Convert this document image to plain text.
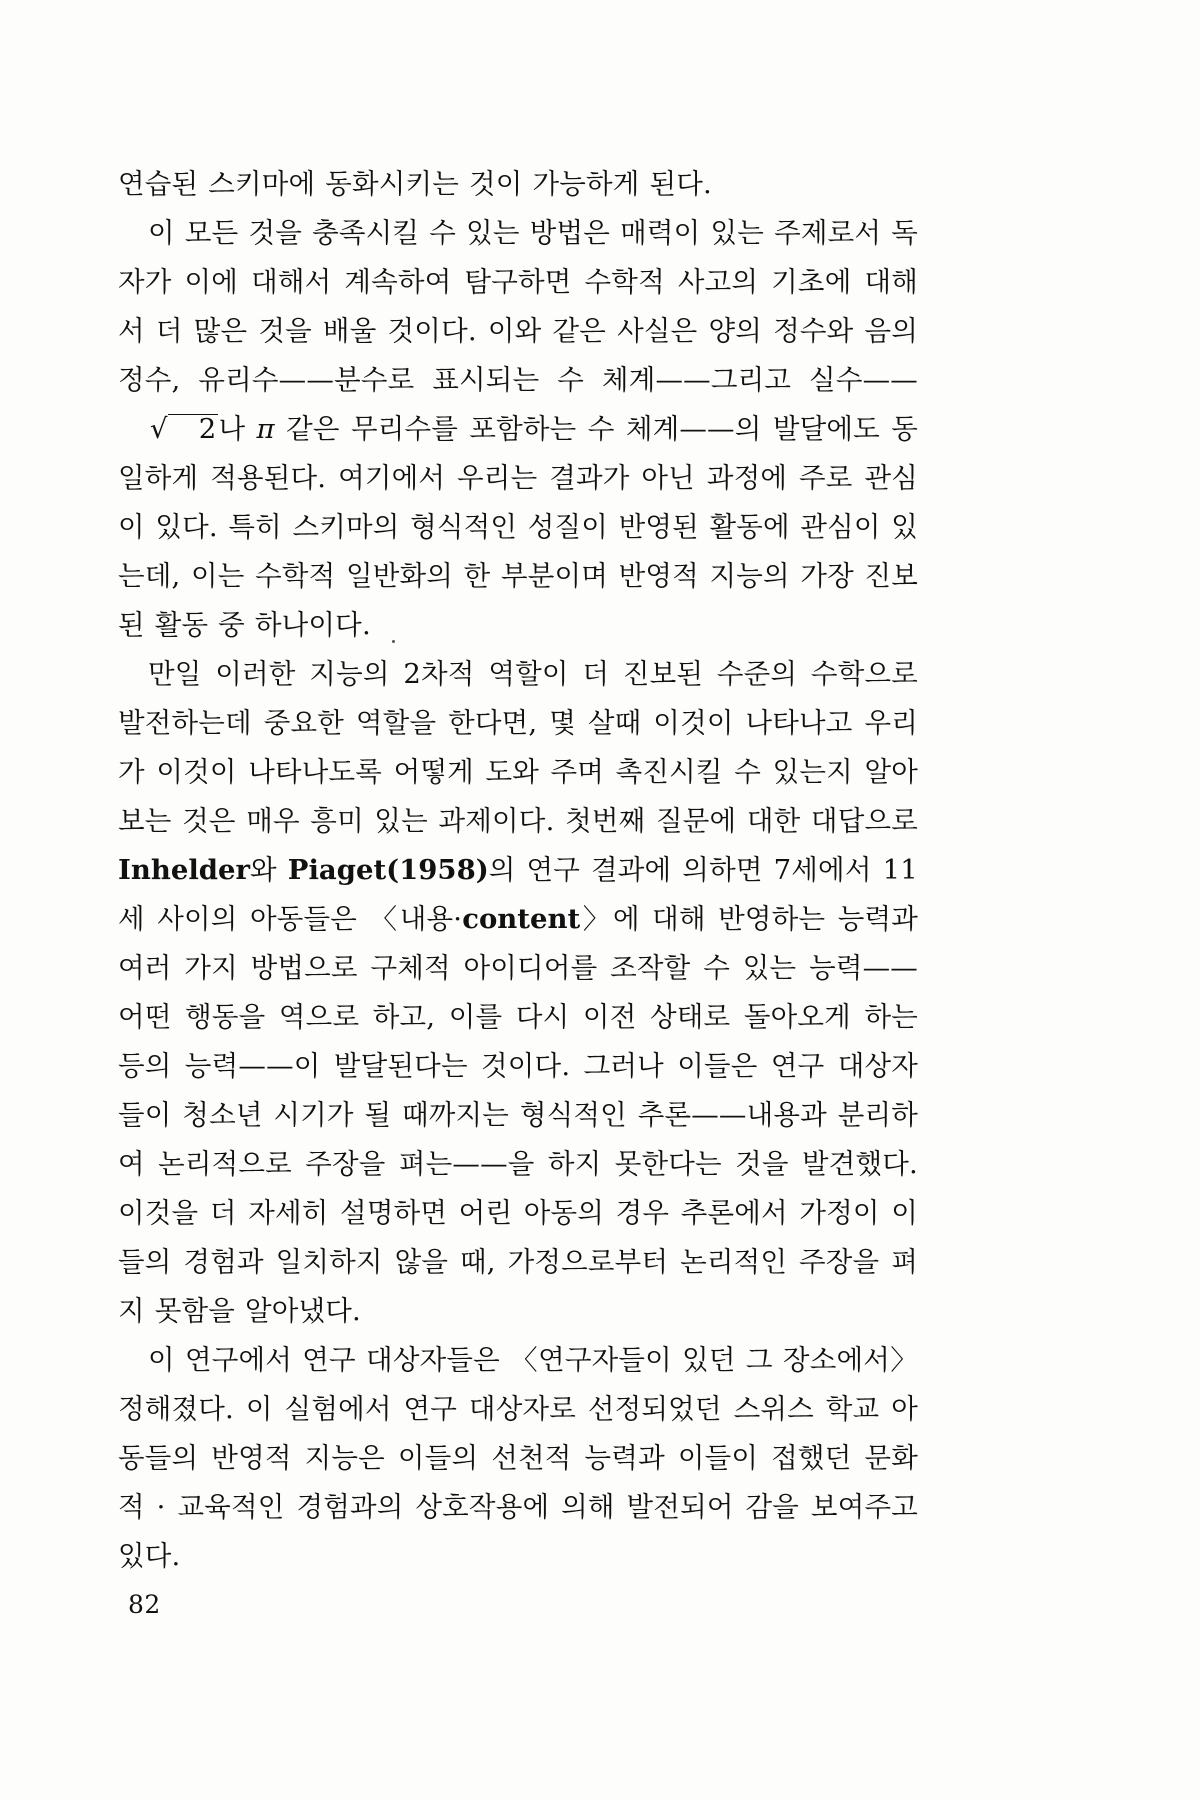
연습된 스키마에 동화시키는 것이 가능하게 된다.

이 모든 것을 충족시킬 수 있는 방법은 매력이 있는 주제로서 독자가 이에 대해서 계속하여 탐구하면 수학적 사고의 기초에 대해서 더 많은 것을 배울 것이다. 이와 같은 사실은 양의 정수와 음의 정수, 유리수——분수로 표시되는 수 체계——그리고 실수——√ 2나 π 같은 무리수를 포함하는 수 체계——의 발달에도 동일하게 적용된다. 여기에서 우리는 결과가 아닌 과정에 주로 관심이 있다. 특히 스키마의 형식적인 성질이 반영된 활동에 관심이 있는데, 이는 수학적 일반화의 한 부분이며 반영적 지능의 가장 진보된 활동 중 하나이다.

만일 이러한 지능의 2차적 역할이 더 진보된 수준의 수학으로 발전하는데 중요한 역할을 한다면, 몇 살때 이것이 나타나고 우리가 이것이 나타나도록 어떻게 도와 주며 촉진시킬 수 있는지 알아보는 것은 매우 흥미 있는 과제이다. 첫번째 질문에 대한 대답으로 Inhelder와 Piaget(1958)의 연구 결과에 의하면 7세에서 11세 사이의 아동들은 〈내용·content〉에 대해 반영하는 능력과 여러 가지 방법으로 구체적 아이디어를 조작할 수 있는 능력——어떤 행동을 역으로 하고, 이를 다시 이전 상태로 돌아오게 하는 등의 능력——이 발달된다는 것이다. 그러나 이들은 연구 대상자들이 청소년 시기가 될 때까지는 형식적인 추론——내용과 분리하여 논리적으로 주장을 펴는——을 하지 못한다는 것을 발견했다. 이것을 더 자세히 설명하면 어린 아동의 경우 추론에서 가정이 이들의 경험과 일치하지 않을 때, 가정으로부터 논리적인 주장을 펴지 못함을 알아냈다.

이 연구에서 연구 대상자들은 〈연구자들이 있던 그 장소에서〉 정해졌다. 이 실험에서 연구 대상자로 선정되었던 스위스 학교 아동들의 반영적 지능은 이들의 선천적 능력과 이들이 접했던 문화적 · 교육적인 경험과의 상호작용에 의해 발전되어 감을 보여주고 있다.

82
